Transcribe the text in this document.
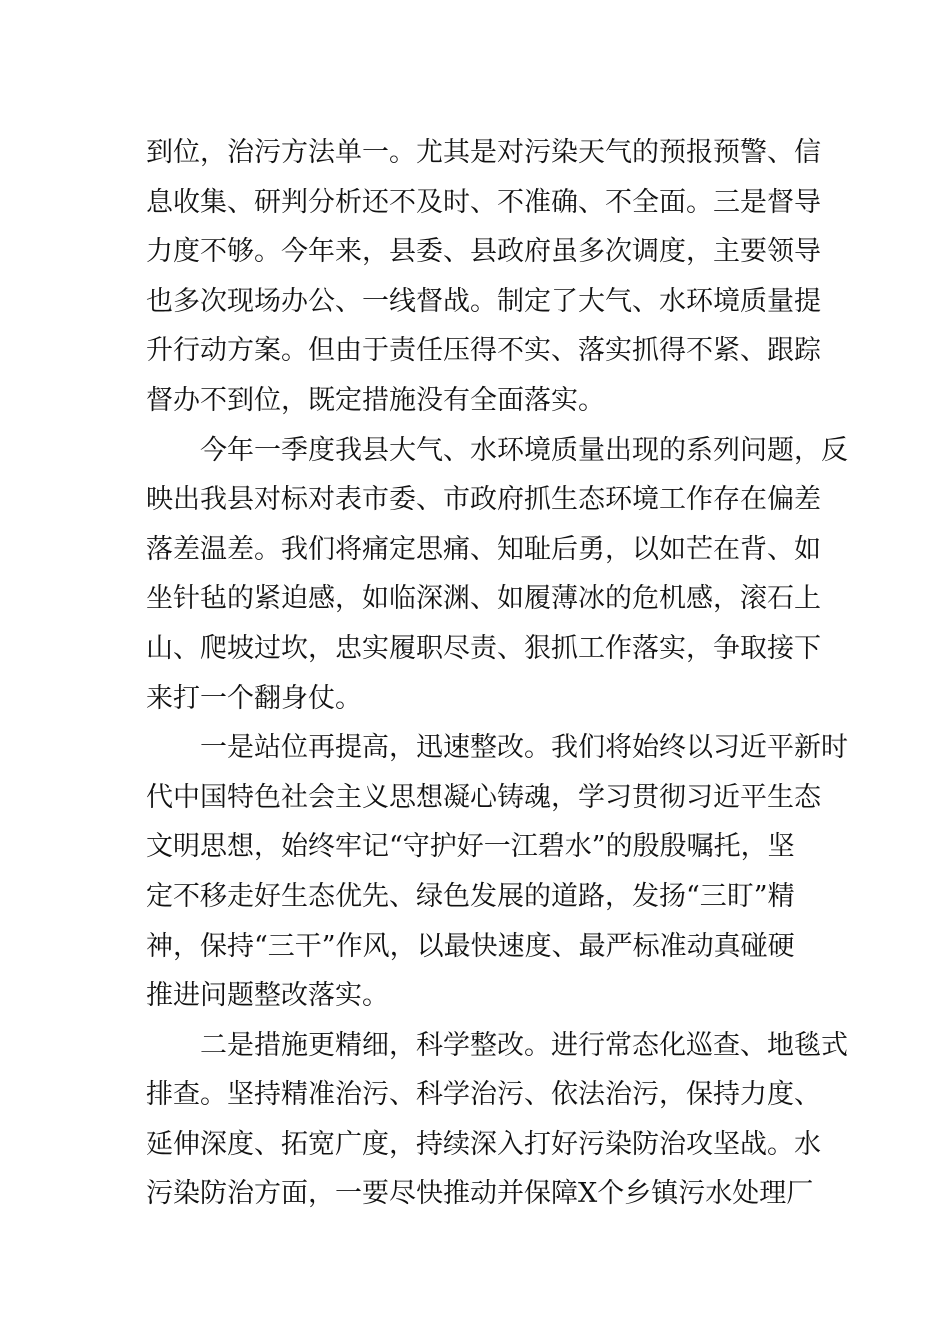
到位，治污方法单一。尤其是对污染天气的预报预警、信
息收集、研判分析还不及时、不准确、不全面。三是督导
力度不够。今年来，县委、县政府虽多次调度，主要领导
也多次现场办公、一线督战。制定了大气、水环境质量提
升行动方案。但由于责任压得不实、落实抓得不紧、跟踪
督办不到位，既定措施没有全面落实。
　　今年一季度我县大气、水环境质量出现的系列问题，反
映出我县对标对表市委、市政府抓生态环境工作存在偏差
落差温差。我们将痛定思痛、知耻后勇，以如芒在背、如
坐针毡的紧迫感，如临深渊、如履薄冰的危机感，滚石上
山、爬坡过坎，忠实履职尽责、狠抓工作落实，争取接下
来打一个翻身仗。
　　一是站位再提高，迅速整改。我们将始终以习近平新时
代中国特色社会主义思想凝心铸魂，学习贯彻习近平生态
文明思想，始终牢记“守护好一江碧水”的殷殷嘱托，坚
定不移走好生态优先、绿色发展的道路，发扬“三盯”精
神，保持“三干”作风，以最快速度、最严标准动真碰硬
推进问题整改落实。
　　二是措施更精细，科学整改。进行常态化巡查、地毯式
排查。坚持精准治污、科学治污、依法治污，保持力度、
延伸深度、拓宽广度，持续深入打好污染防治攻坚战。水
污染防治方面，一要尽快推动并保障X个乡镇污水处理厂
